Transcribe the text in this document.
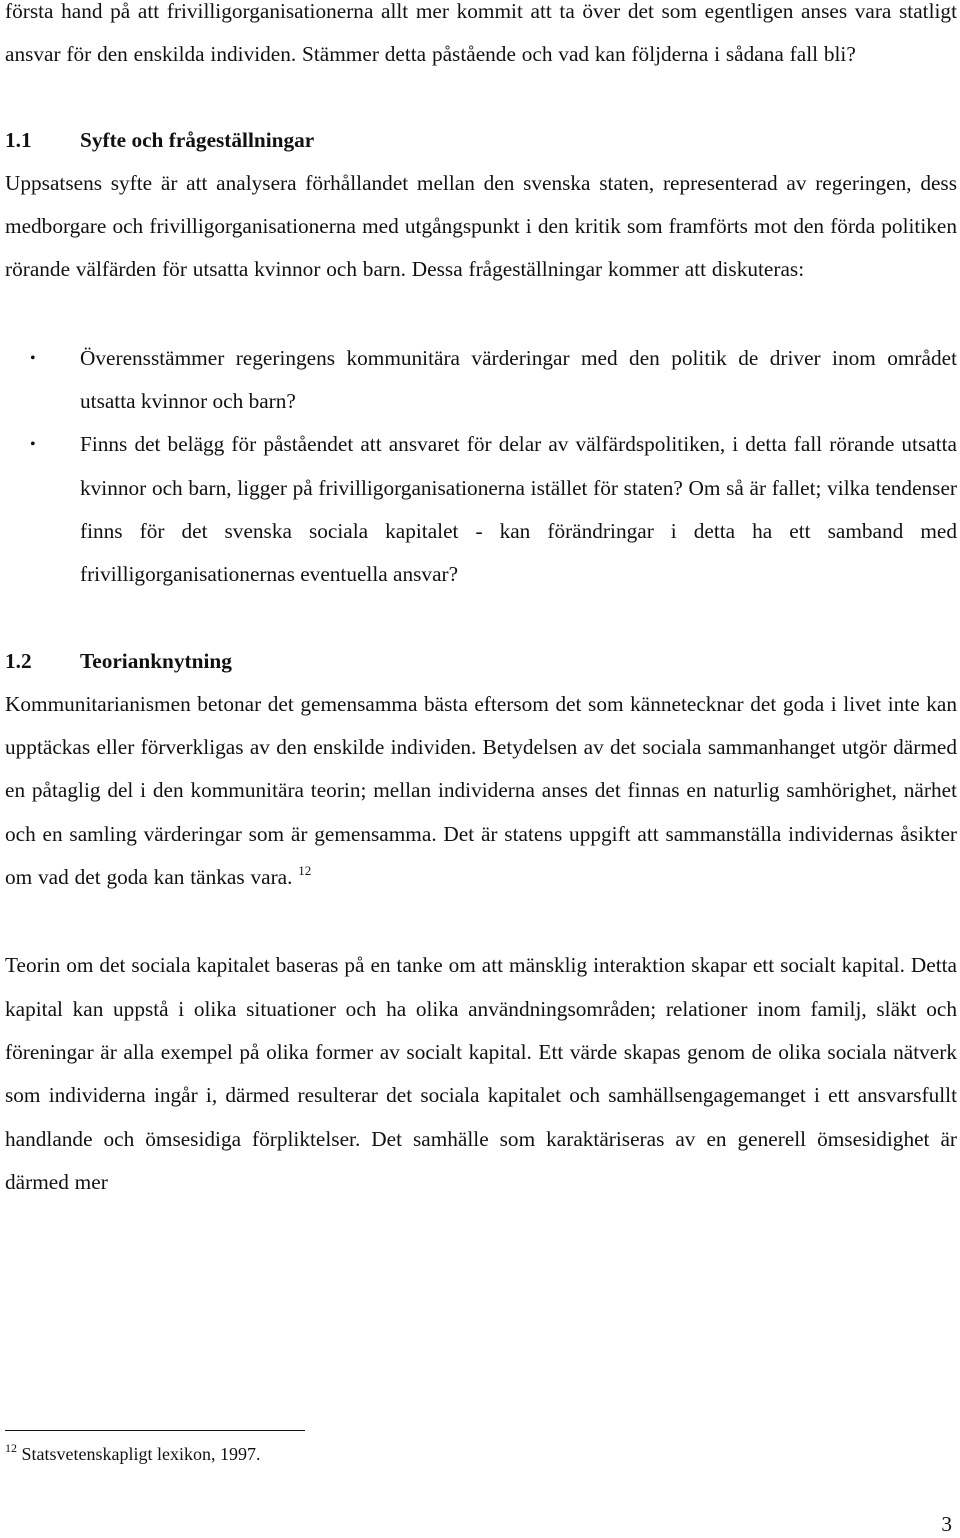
första hand på att frivilligorganisationerna allt mer kommit att ta över det som egentligen anses vara statligt ansvar för den enskilda individen. Stämmer detta påstående och vad kan följderna i sådana fall bli?

1.1	Syfte och frågeställningar

Uppsatsens syfte är att analysera förhållandet mellan den svenska staten, representerad av regeringen, dess medborgare och frivilligorganisationerna med utgångspunkt i den kritik som framförts mot den förda politiken rörande välfärden för utsatta kvinnor och barn. Dessa frågeställningar kommer att diskuteras:

• Överensstämmer regeringens kommunitära värderingar med den politik de driver inom området utsatta kvinnor och barn?
• Finns det belägg för påståendet att ansvaret för delar av välfärdspolitiken, i detta fall rörande utsatta kvinnor och barn, ligger på frivilligorganisationerna istället för staten? Om så är fallet; vilka tendenser finns för det svenska sociala kapitalet - kan förändringar i detta ha ett samband med frivilligorganisationernas eventuella ansvar?
1.2	Teorianknytning

Kommunitarianismen betonar det gemensamma bästa eftersom det som kännetecknar det goda i livet inte kan upptäckas eller förverkligas av den enskilde individen. Betydelsen av det sociala sammanhanget utgör därmed en påtaglig del i den kommunitära teorin; mellan individerna anses det finnas en naturlig samhörighet, närhet och en samling värderingar som är gemensamma. Det är statens uppgift att sammanställa individernas åsikter om vad det goda kan tänkas vara. $^{12}$

Teorin om det sociala kapitalet baseras på en tanke om att mänsklig interaktion skapar ett socialt kapital. Detta kapital kan uppstå i olika situationer och ha olika användningsområden; relationer inom familj, släkt och föreningar är alla exempel på olika former av socialt kapital. Ett värde skapas genom de olika sociala nätverk som individerna ingår i, därmed resulterar det sociala kapitalet och samhällsengagemanget i ett ansvarsfullt handlande och ömsesidiga förpliktelser. Det samhälle som karaktäriseras av en generell ömsesidighet är därmed mer

$^{12}$ Statsvetenskapligt lexikon, 1997.
3
